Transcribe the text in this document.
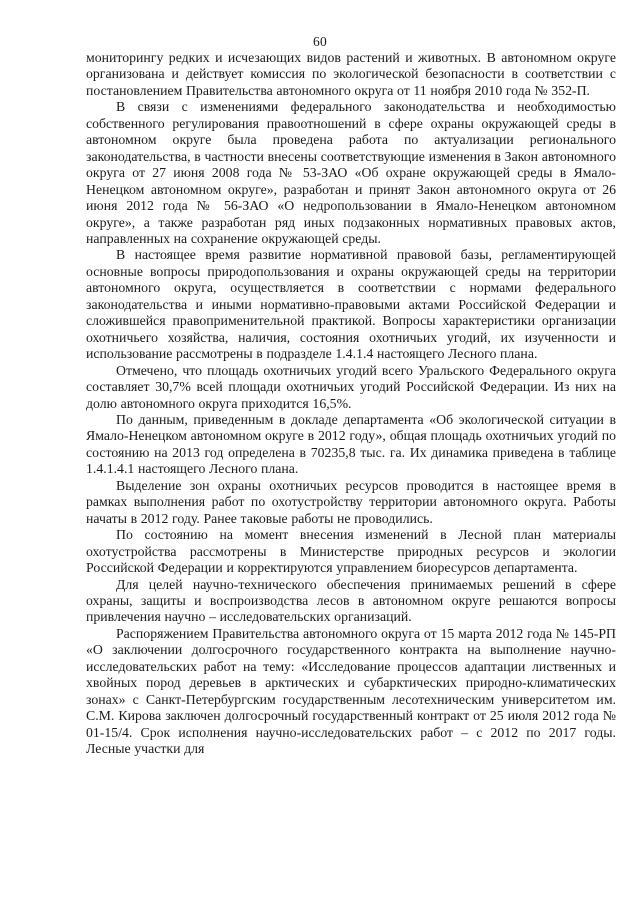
60

мониторингу редких и исчезающих видов растений и животных. В автономном округе организована и действует комиссия по экологической безопасности в соответствии с постановлением Правительства автономного округа от 11 ноября 2010 года № 352-П.

В связи с изменениями федерального законодательства и необходимостью собственного регулирования правоотношений в сфере охраны окружающей среды в автономном округе была проведена работа по актуализации регионального законодательства, в частности внесены соответствующие изменения в Закон автономного округа от 27 июня 2008 года № 53-ЗАО «Об охране окружающей среды в Ямало-Ненецком автономном округе», разработан и принят Закон автономного округа от 26 июня 2012 года № 56-ЗАО «О недропользовании в Ямало-Ненецком автономном округе», а также разработан ряд иных подзаконных нормативных правовых актов, направленных на сохранение окружающей среды.

В настоящее время развитие нормативной правовой базы, регламентирующей основные вопросы природопользования и охраны окружающей среды на территории автономного округа, осуществляется в соответствии с нормами федерального законодательства и иными нормативно-правовыми актами Российской Федерации и сложившейся правоприменительной практикой. Вопросы характеристики организации охотничьего хозяйства, наличия, состояния охотничьих угодий, их изученности и использование рассмотрены в подразделе 1.4.1.4 настоящего Лесного плана.

Отмечено, что площадь охотничьих угодий всего Уральского Федерального округа составляет 30,7% всей площади охотничьих угодий Российской Федерации. Из них на долю автономного округа приходится 16,5%.

По данным, приведенным в докладе департамента «Об экологической ситуации в Ямало-Ненецком автономном округе в 2012 году», общая площадь охотничьих угодий по состоянию на 2013 год определена в 70235,8 тыс. га. Их динамика приведена в таблице 1.4.1.4.1 настоящего Лесного плана.

Выделение зон охраны охотничьих ресурсов проводится в настоящее время в рамках выполнения работ по охотустройству территории автономного округа. Работы начаты в 2012 году. Ранее таковые работы не проводились.

По состоянию на момент внесения изменений в Лесной план материалы охотустройства рассмотрены в Министерстве природных ресурсов и экологии Российской Федерации и корректируются управлением биоресурсов департамента.

Для целей научно-технического обеспечения принимаемых решений в сфере охраны, защиты и воспроизводства лесов в автономном округе решаются вопросы привлечения научно – исследовательских организаций.

Распоряжением Правительства автономного округа от 15 марта 2012 года № 145-РП «О заключении долгосрочного государственного контракта на выполнение научно-исследовательских работ на тему: «Исследование процессов адаптации лиственных и хвойных пород деревьев в арктических и субарктических природно-климатических зонах» с Санкт-Петербургским государственным лесотехническим университетом им. С.М. Кирова заключен долгосрочный государственный контракт от 25 июля 2012 года № 01-15/4. Срок исполнения научно-исследовательских работ – с 2012 по 2017 годы. Лесные участки для
